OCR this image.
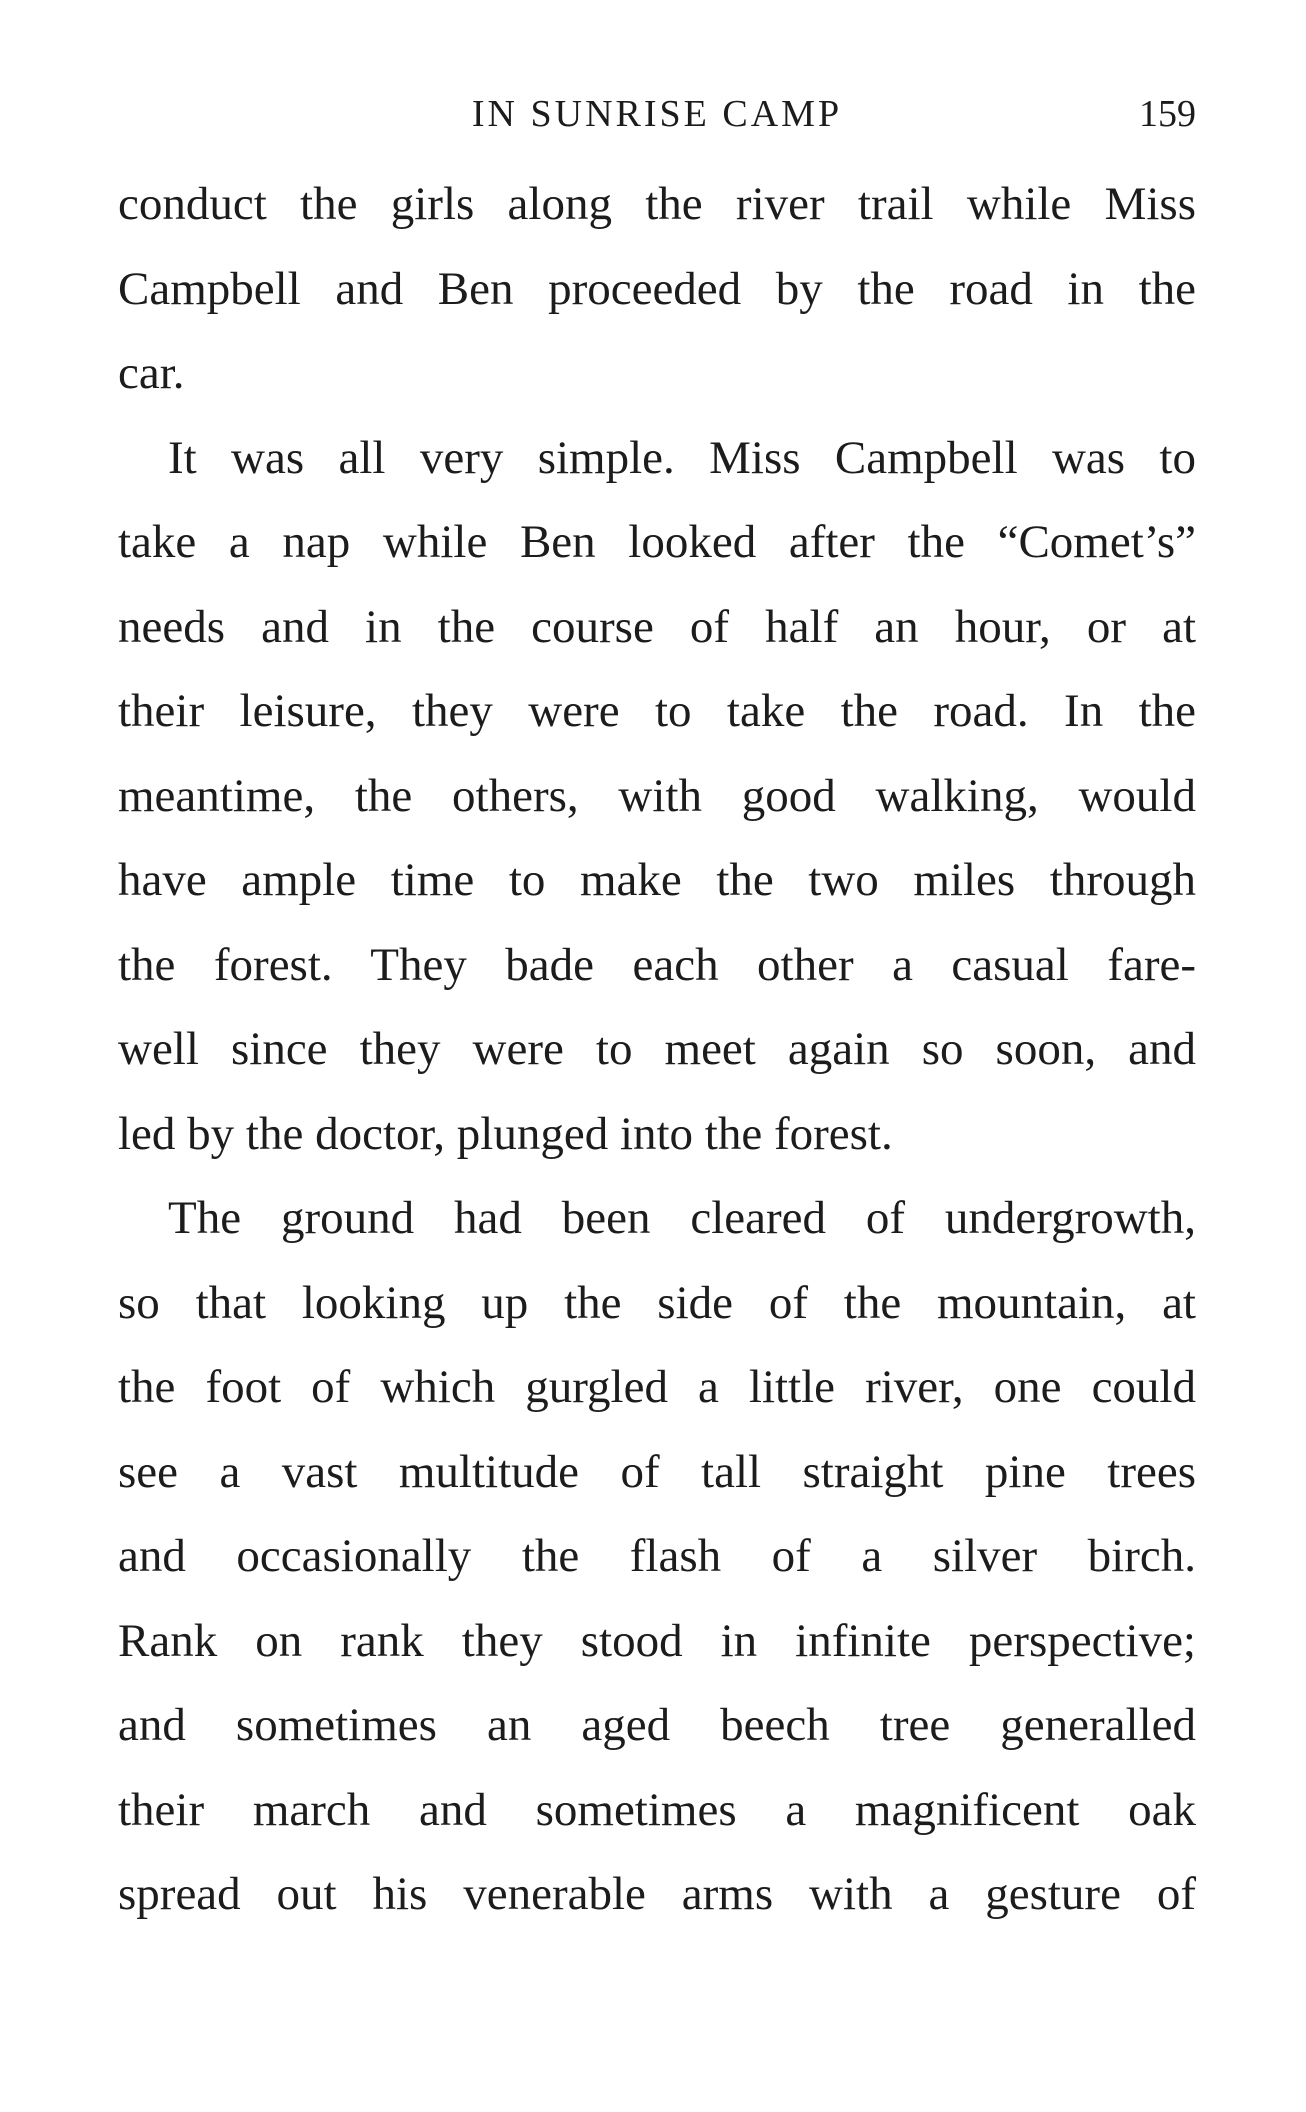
IN SUNRISE CAMP	159
conduct the girls along the river trail while Miss
Campbell and Ben proceeded by the road in the
car.
It was all very simple. Miss Campbell was to
take a nap while Ben looked after the “Comet’s”
needs and in the course of half an hour, or at
their leisure, they were to take the road. In the
meantime, the others, with good walking, would
have ample time to make the two miles through
the forest. They bade each other a casual fare-
well since they were to meet again so soon, and
led by the doctor, plunged into the forest.
The ground had been cleared of undergrowth,
so that looking up the side of the mountain, at
the foot of which gurgled a little river, one could
see a vast multitude of tall straight pine trees
and occasionally the flash of a silver birch.
Rank on rank they stood in infinite perspective;
and sometimes an aged beech tree generalled
their march and sometimes a magnificent oak
spread out his venerable arms with a gesture of
